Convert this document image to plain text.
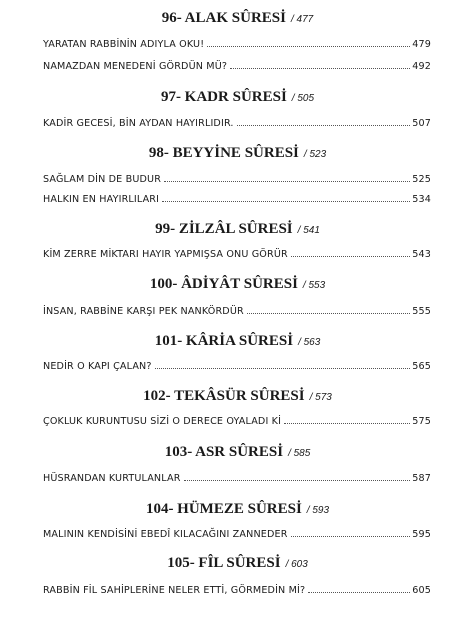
96- ALAK SÛRESİ / 477
YARATAN RABBİNİN ADIYLA OKU!	479
NAMAZDAN MENEDENİ GÖRDÜN MÜ?	492
97- KADR SÛRESİ / 505
KADİR GECESİ, BİN AYDAN HAYIRLIDIR.	507
98- BEYYİNE SÛRESİ / 523
SAĞLAM DİN DE BUDUR	525
HALKIN EN HAYIRLILARI	534
99- ZİLZÂL SÛRESİ / 541
KİM ZERRE MİKTARI HAYIR YAPMIŞSA ONU GÖRÜR	543
100- ÂDİYÂT SÛRESİ / 553
İNSAN, RABBİNE KARŞI PEK NANKÖRDÜR	555
101- KÂRİA SÛRESİ / 563
NEDİR O KAPI ÇALAN?	565
102- TEKÂSÜR SÛRESİ / 573
ÇOKLUK KURUNTUSU SİZİ O DERECE OYALADI Kİ	575
103- ASR SÛRESİ / 585
HÜSRANDAN KURTULANLAR	587
104- HÜMEZE SÛRESİ / 593
MALININ KENDİSİNİ EBEDÎ KILACAĞINI ZANNEDER	595
105- FÎL SÛRESİ / 603
RABBİN FİL SAHİPLERİNE NELER ETTİ, GÖRMEDİN Mİ?	605
